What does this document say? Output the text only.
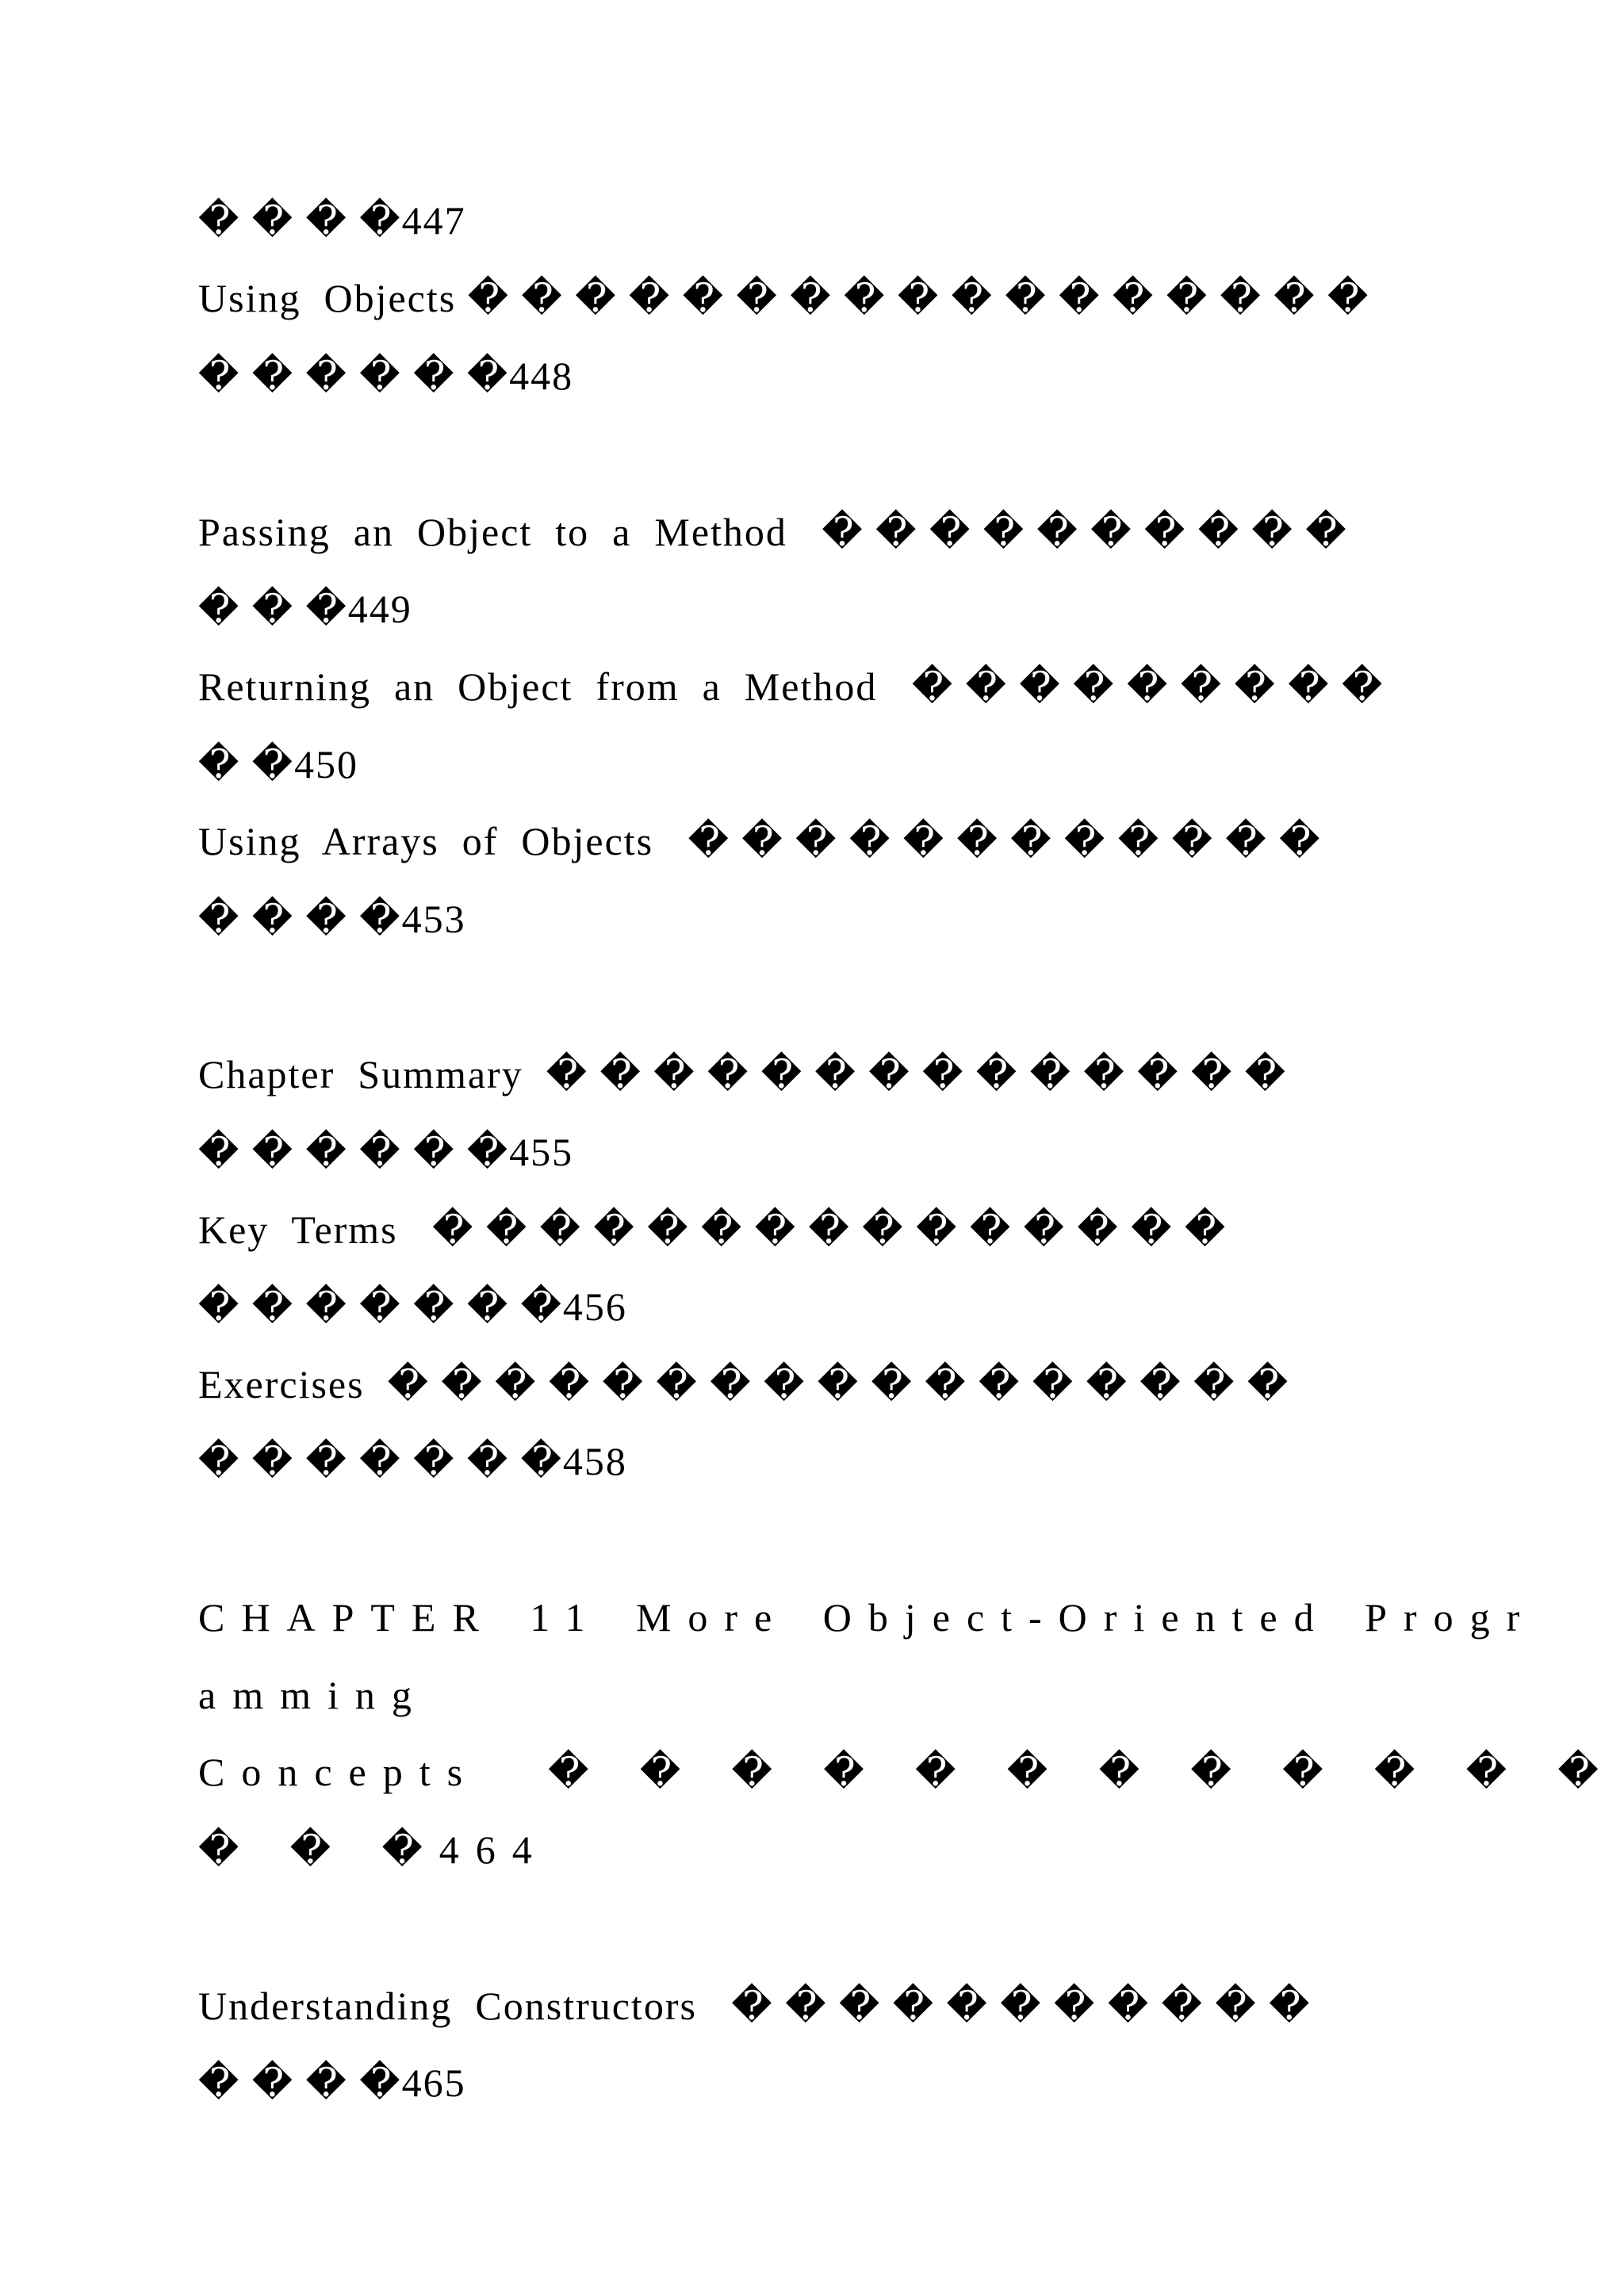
� � � �447
Using  Objects � � � � � � � � � � � � � � � � �
� � � � � �448
Passing  an  Object  to  a  Method   � � � � � � � � � �
� � �449
Returning  an  Object  from  a  Method   � � � � � � � � �
� �450
Using  Arrays  of  Objects   � � � � � � � � � � � �
� � � �453
Chapter  Summary  � � � � � � � � � � � � � �
� � � � � �455
Key  Terms   � � � � � � � � � � � � � � �
� � � � � � �456
Exercises  � � � � � � � � � � � � � � � � �
� � � � � � �458
CHAPTER 11 More Object-Oriented Progr
amming
Concepts  � � � � � � � � � � � �
� � �464
Understanding  Constructors   � � � � � � � � � � �
� � � �465
